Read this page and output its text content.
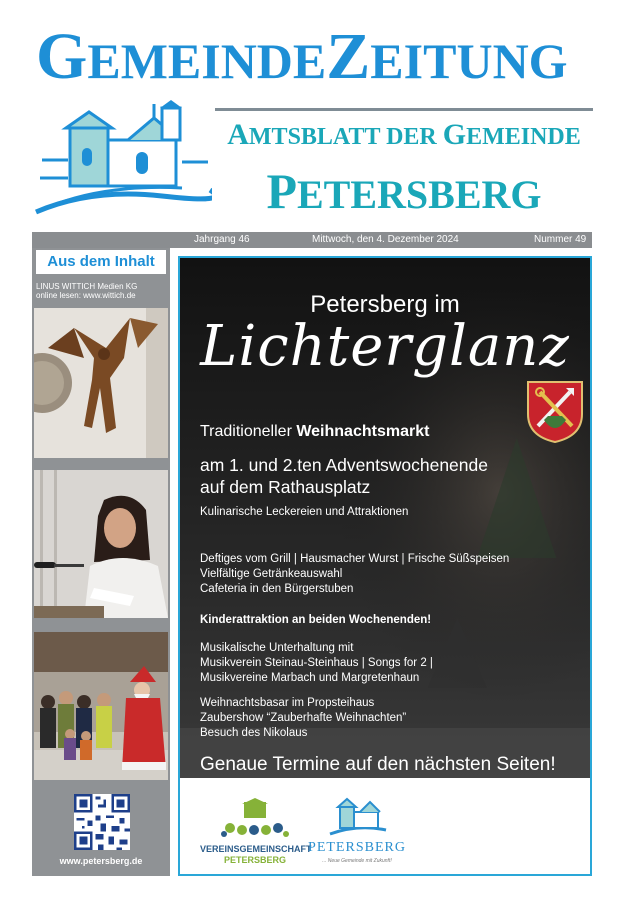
GEMEINDEZEITUNG
AMTSBLATT DER GEMEINDE
PETERSBERG
Jahrgang 46	Mittwoch, den 4. Dezember 2024	Nummer 49
Aus dem Inhalt
LINUS WITTICH Medien KG
online lesen: www.wittich.de
www.petersberg.de
Petersberg im
Lichterglanz
Traditioneller Weihnachtsmarkt
am 1. und 2.ten Adventswochenende
auf dem Rathausplatz
Kulinarische Leckereien und Attraktionen
Deftiges vom Grill | Hausmacher Wurst | Frische Süßspeisen
Vielfältige Getränkeauswahl
Cafeteria in den Bürgerstuben
Kinderattraktion an beiden Wochenenden!
Musikalische Unterhaltung mit
Musikverein Steinau-Steinhaus | Songs for 2 |
Musikvereine Marbach und Margretenhaun
Weihnachtsbasar im Propsteihaus
Zaubershow “Zauberhafte Weihnachten”
Besuch des Nikolaus
Genaue Termine auf den nächsten Seiten!
VEREINSGEMEINSCHAFT
PETERSBERG
PETERSBERG
... Neue Gemeinde mit Zukunft!
